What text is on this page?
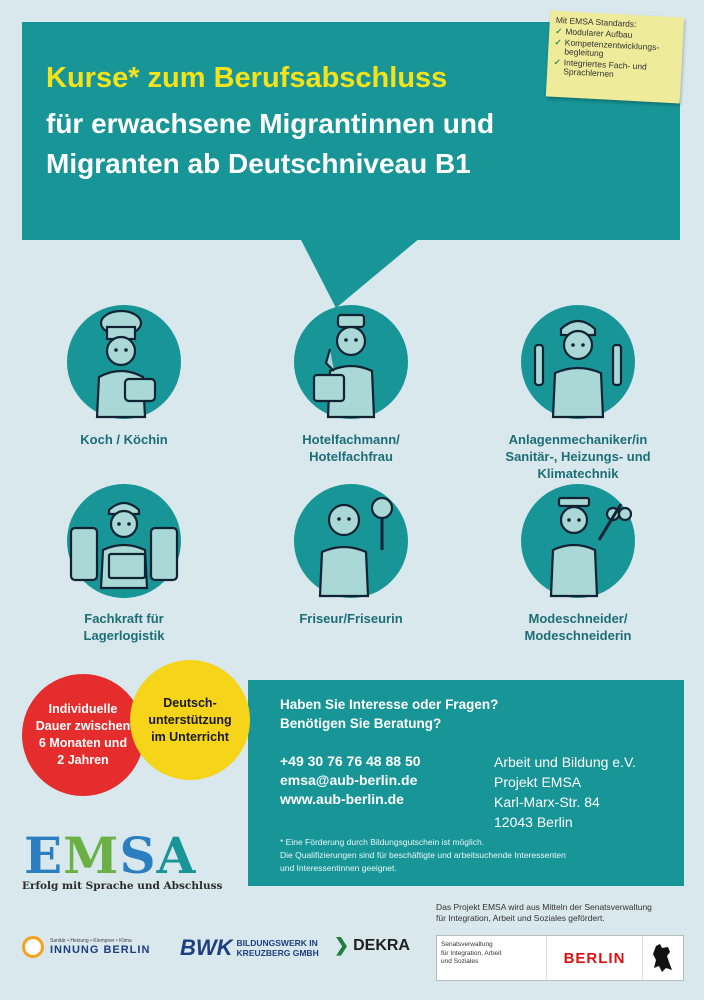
Kurse* zum Berufsabschluss
für erwachsene Migrantinnen und
Migranten ab Deutschniveau B1
Mit EMSA Standards:
✓ Modularer Aufbau
✓ Kompetenzentwicklungs-begleitung
✓ Integriertes Fach- und Sprachlernen
Koch / Köchin	Hotelfachmann/
Hotelfachfrau
Anlagenmechaniker/in
Sanitär-, Heizungs- und
Klimatechnik
Fachkraft für
Lagerlogistik
Friseur/Friseurin	Modeschneider/
Modeschneiderin
Haben Sie Interesse oder Fragen?
Benötigen Sie Beratung?
+49 30 76 76 48 88 50
emsa@aub-berlin.de
www.aub-berlin.de
Arbeit und Bildung e.V.
Projekt EMSA
Karl-Marx-Str. 84
12043 Berlin
* Eine Förderung durch Bildungsgutschein ist möglich.
Die Qualifizierungen sind für beschäftigte und arbeitsuchende Interessenten
und Interessentinnen geeignet.
Individuelle
Dauer zwischen
6 Monaten und
2 Jahren
Deutsch-
unterstützung
im Unterricht
EMSA
Erfolg mit Sprache und Abschluss
Das Projekt EMSA wird aus Mitteln der Senatsverwaltung
für Integration, Arbeit und Soziales gefördert.
Sanitär • Heizung • Klempner • Klima
INNUNG BERLIN BWK BILDUNGSWERK IN
KREUZBERG GMBH ❯ DEKRA	Senatsverwaltung
für Integration, Arbeit
und Soziales	BERLIN
